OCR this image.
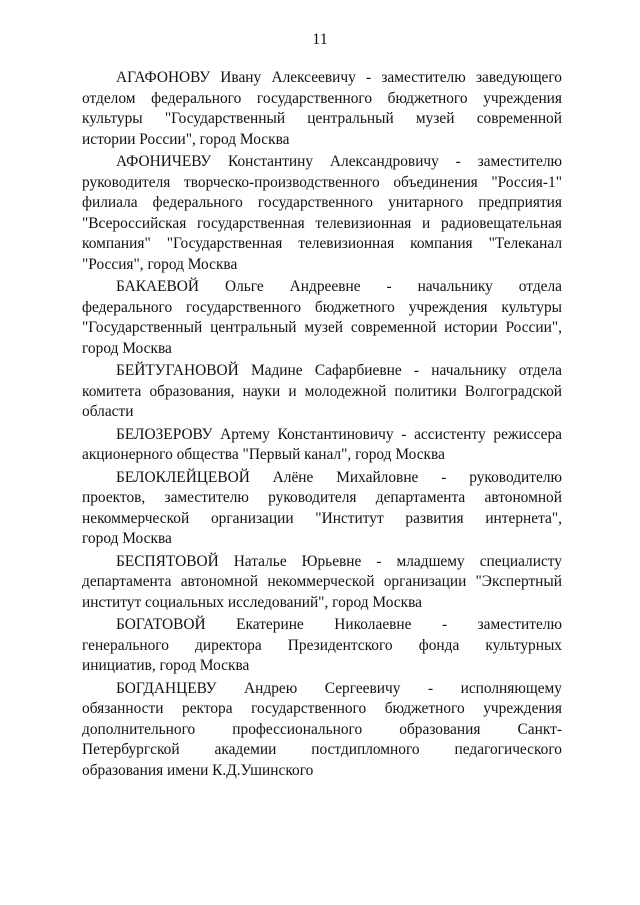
11
АГАФОНОВУ Ивану Алексеевичу - заместителю заведующего
отделом федерального государственного бюджетного учреждения
культуры "Государственный центральный музей современной
истории России", город Москва
АФОНИЧЕВУ Константину Александровичу - заместителю
руководителя творческо-производственного объединения "Россия-1"
филиала федерального государственного унитарного предприятия
"Всероссийская государственная телевизионная и радиовещательная
компания" "Государственная телевизионная компания "Телеканал
"Россия", город Москва
БАКАЕВОЙ Ольге Андреевне - начальнику отдела
федерального государственного бюджетного учреждения культуры
"Государственный центральный музей современной истории России",
город Москва
БЕЙТУГАНОВОЙ Мадине Сафарбиевне - начальнику отдела
комитета образования, науки и молодежной политики Волгоградской
области
БЕЛОЗЕРОВУ Артему Константиновичу - ассистенту режиссера
акционерного общества "Первый канал", город Москва
БЕЛОКЛЕЙЦЕВОЙ Алёне Михайловне - руководителю
проектов, заместителю руководителя департамента автономной
некоммерческой организации "Институт развития интернета",
город Москва
БЕСПЯТОВОЙ Наталье Юрьевне - младшему специалисту
департамента автономной некоммерческой организации "Экспертный
институт социальных исследований", город Москва
БОГАТОВОЙ Екатерине Николаевне - заместителю
генерального директора Президентского фонда культурных
инициатив, город Москва
БОГДАНЦЕВУ Андрею Сергеевичу - исполняющему
обязанности ректора государственного бюджетного учреждения
дополнительного профессионального образования Санкт-
Петербургской академии постдипломного педагогического
образования имени К.Д.Ушинского
